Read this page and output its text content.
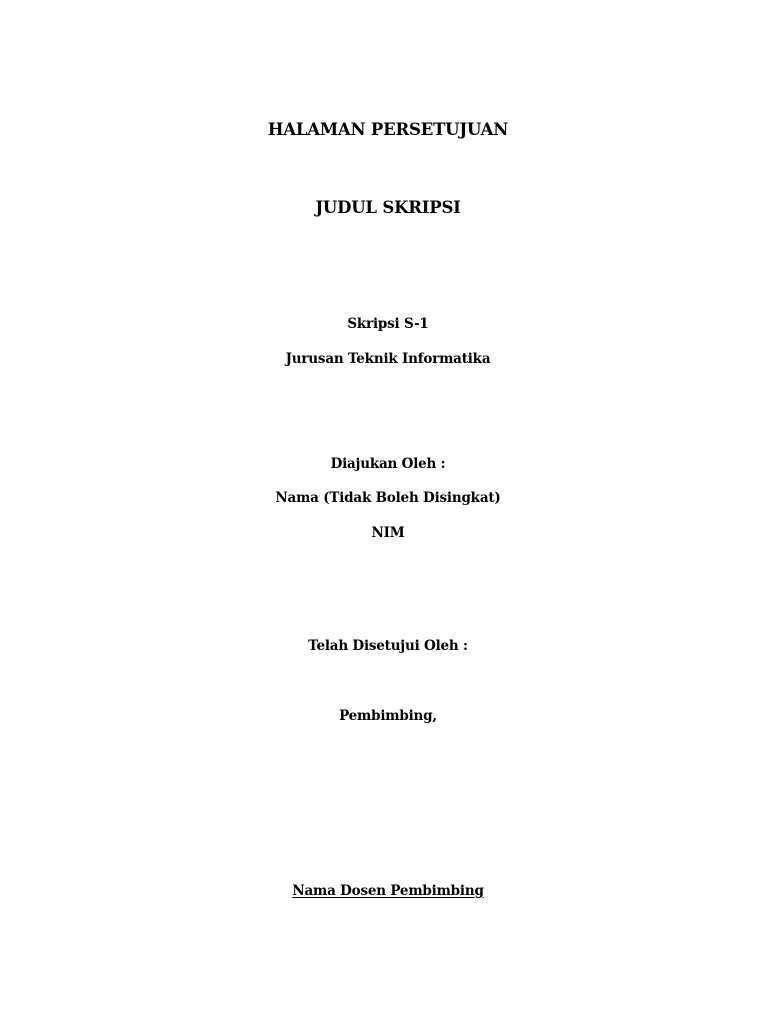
HALAMAN PERSETUJUAN
JUDUL SKRIPSI
Skripsi S-1
Jurusan Teknik Informatika
Diajukan Oleh :
Nama (Tidak Boleh Disingkat)
NIM
Telah Disetujui Oleh :
Pembimbing,
Nama Dosen Pembimbing
